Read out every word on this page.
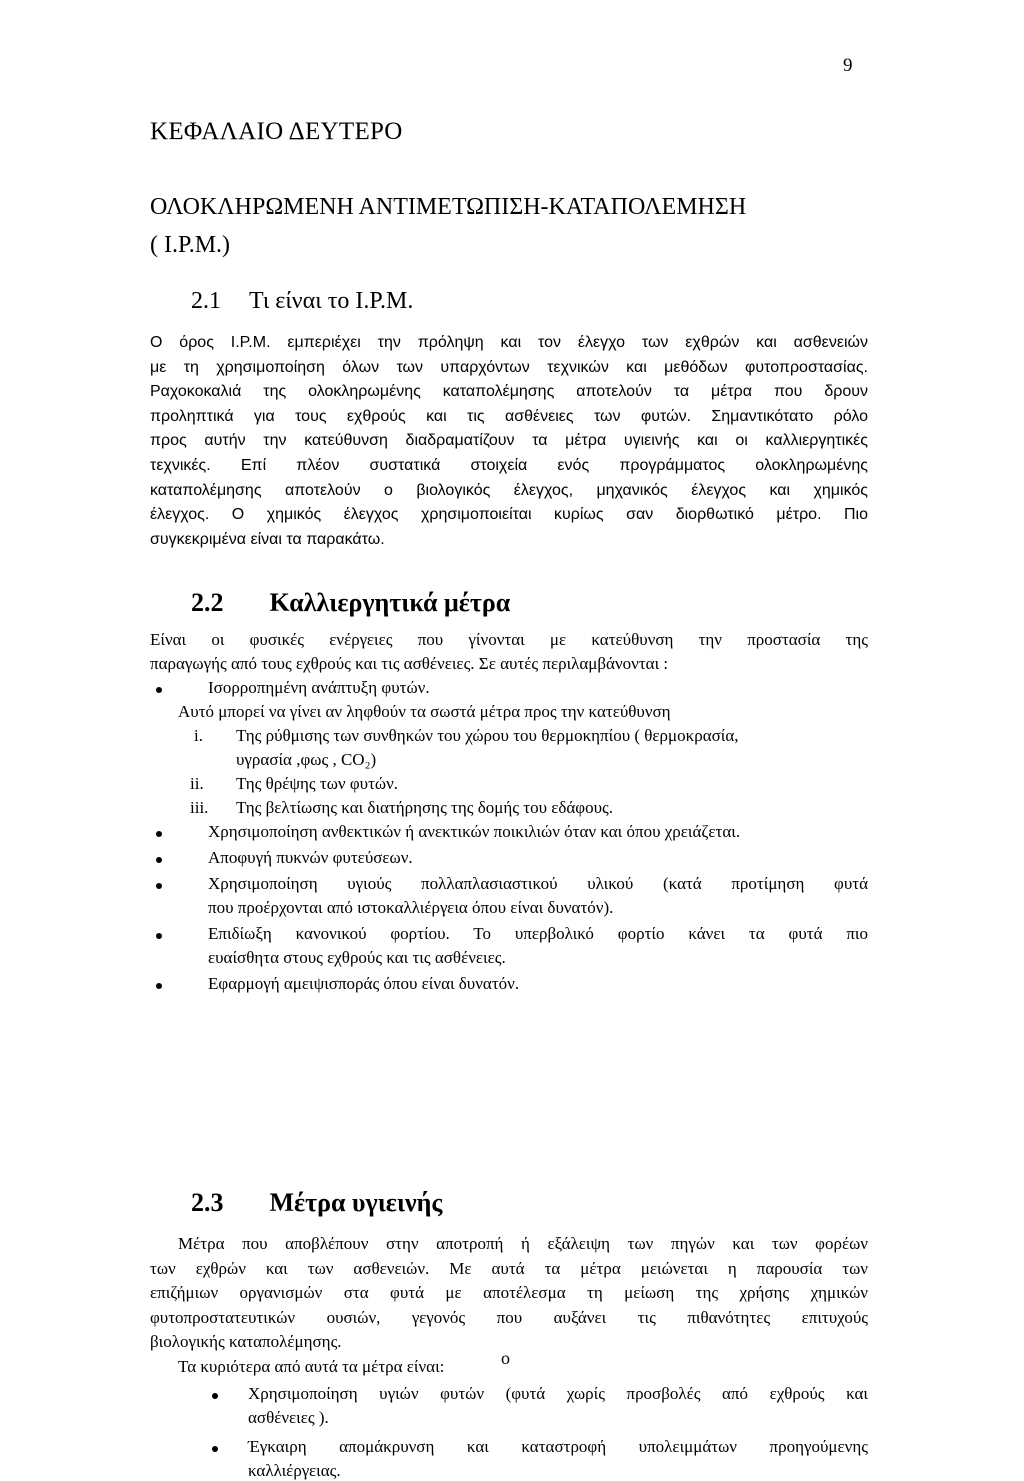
9
ΚΕΦΑΛΑΙΟ ΔΕΥΤΕΡΟ
ΟΛΟΚΛΗΡΩΜΕΝΗ ΑΝΤΙΜΕΤΩΠΙΣΗ-ΚΑΤΑΠΟΛΕΜΗΣΗ
( Ι.Ρ.Μ.)
2.1 Τι είναι το Ι.Ρ.Μ.
Ο όρος Ι.Ρ.Μ. εμπεριέχει την πρόληψη και τον έλεγχο των εχθρών και ασθενειών
με τη χρησιμοποίηση όλων των υπαρχόντων τεχνικών και μεθόδων φυτοπροστασίας.
Ραχοκοκαλιά της ολοκληρωμένης καταπολέμησης αποτελούν τα μέτρα που δρουν
προληπτικά για τους εχθρούς και τις ασθένειες των φυτών. Σημαντικότατο ρόλο
προς αυτήν την κατεύθυνση διαδραματίζουν τα μέτρα υγιεινής και οι καλλιεργητικές
τεχνικές. Επί πλέον συστατικά στοιχεία ενός προγράμματος ολοκληρωμένης
καταπολέμησης αποτελούν ο βιολογικός έλεγχος, μηχανικός έλεγχος και χημικός
έλεγχος. Ο χημικός έλεγχος χρησιμοποιείται κυρίως σαν διορθωτικό μέτρο. Πιο
συγκεκριμένα είναι τα παρακάτω.
2.2 Καλλιεργητικά μέτρα
Είναι οι φυσικές ενέργειες που γίνονται με κατεύθυνση την προστασία της
παραγωγής από τους εχθρούς και τις ασθένειες. Σε αυτές περιλαμβάνονται :
Ισορροπημένη ανάπτυξη φυτών.
Αυτό μπορεί να γίνει αν ληφθούν τα σωστά μέτρα προς την κατεύθυνση
i. Της ρύθμισης των συνθηκών του χώρου του θερμοκηπίου ( θερμοκρασία,
υγρασία ,φως , CO₂)
ii. Της θρέψης των φυτών.
iii. Της βελτίωσης και διατήρησης της δομής του εδάφους.
Χρησιμοποίηση ανθεκτικών ή ανεκτικών ποικιλιών όταν και όπου χρειάζεται.
Αποφυγή πυκνών φυτεύσεων.
Χρησιμοποίηση υγιούς πολλαπλασιαστικού υλικού (κατά προτίμηση φυτά
που προέρχονται από ιστοκαλλιέργεια όπου είναι δυνατόν).
Επιδίωξη κανονικού φορτίου. Το υπερβολικό φορτίο κάνει τα φυτά πιο
ευαίσθητα στους εχθρούς και τις ασθένειες.
Εφαρμογή αμειψισποράς όπου είναι δυνατόν.
2.3 Μέτρα υγιεινής
Μέτρα που αποβλέπουν στην αποτροπή ή εξάλειψη των πηγών και των φορέων
των εχθρών και των ασθενειών. Με αυτά τα μέτρα μειώνεται η παρουσία των
επιζήμιων οργανισμών στα φυτά με αποτέλεσμα τη μείωση της χρήσης χημικών
φυτοπροστατευτικών ουσιών, γεγονός που αυξάνει τις πιθανότητες επιτυχούς
βιολογικής καταπολέμησης.
Τα κυριότερα από αυτά τα μέτρα είναι:
Χρησιμοποίηση υγιών φυτών (φυτά χωρίς προσβολές από εχθρούς και
ασθένειες ).
Έγκαιρη απομάκρυνση και καταστροφή υπολειμμάτων προηγούμενης
καλλιέργειας.
ο
